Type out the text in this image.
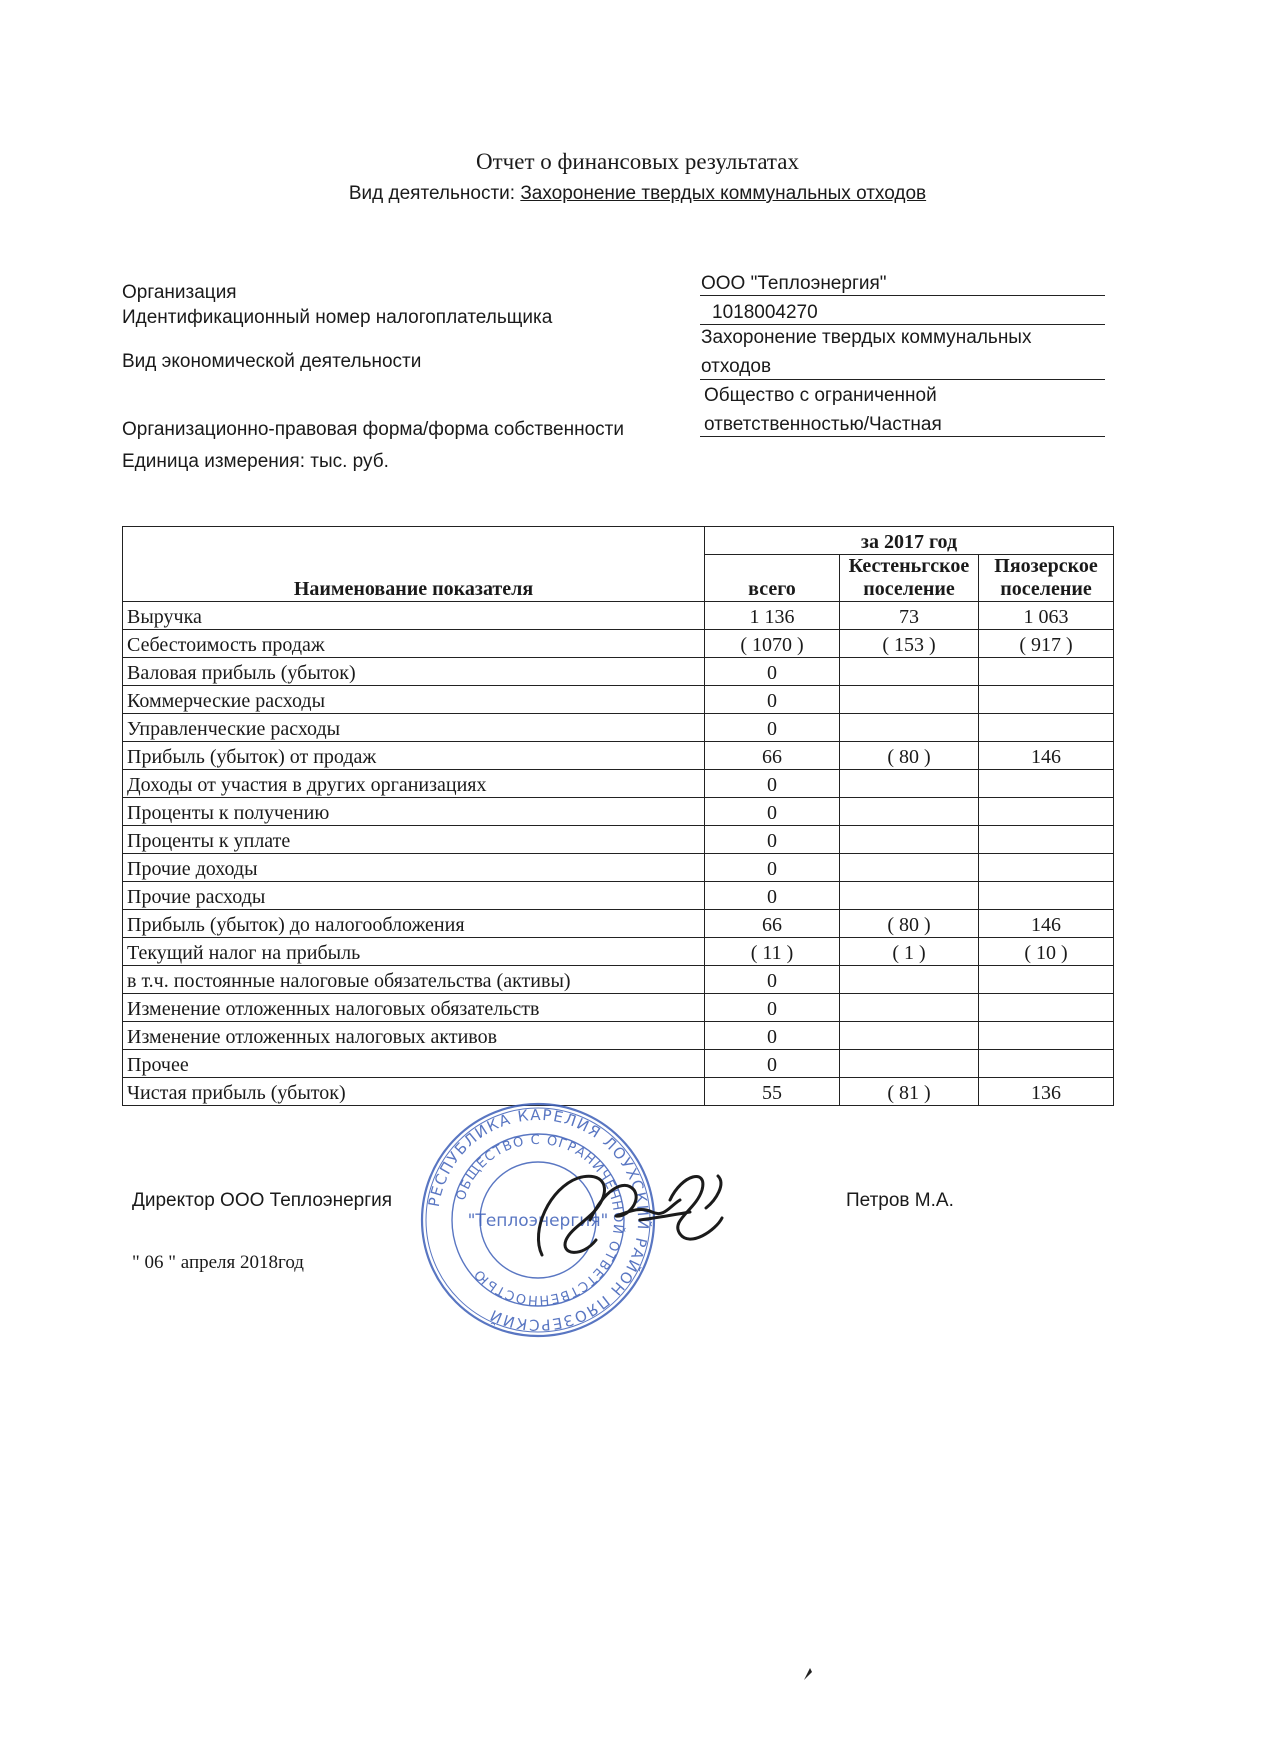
Отчет о финансовых результатах
Вид деятельности: Захоронение твердых коммунальных отходов
Организация	ООО "Теплоэнергия"
Идентификационный номер налогоплательщика	1018004270
Вид экономической деятельности
Захоронение твердых коммунальных отходов
Организационно-правовая форма/форма собственности
Общество с ограниченной ответственностью/Частная
Единица измерения: тыс. руб.
Наименование показателя	за 2017 год		
	всего	Кестеньгское поселение	Пяозерское поселение
Выручка	1 136	73	1 063
Себестоимость продаж	( 1070 )	( 153 )	( 917 )
Валовая прибыль (убыток)	0		
Коммерческие расходы	0		
Управленческие расходы	0		
Прибыль (убыток) от продаж	66	( 80 )	146
Доходы от участия в других организациях	0		
Проценты к получению	0		
Проценты к уплате	0		
Прочие доходы	0		
Прочие расходы	0		
Прибыль (убыток) до налогообложения	66	( 80 )	146
Текущий налог на прибыль	( 11 )	( 1 )	( 10 )
в т.ч. постоянные налоговые обязательства (активы)	0		
Изменение отложенных налоговых обязательств	0		
Изменение отложенных налоговых активов	0		
Прочее	0		
Чистая прибыль (убыток)	55	( 81 )	136
РЕСПУБЛИКА КАРЕЛИЯ ЛОУХСКИЙ РАЙОН ПЯОЗЕРСКИЙ
ОБЩЕСТВО С ОГРАНИЧЕННОЙ ОТВЕТСТВЕННОСТЬЮ
"Теплоэнергия"
Директор ООО Теплоэнергия	Петров М.А.
" 06 " апреля 2018год
